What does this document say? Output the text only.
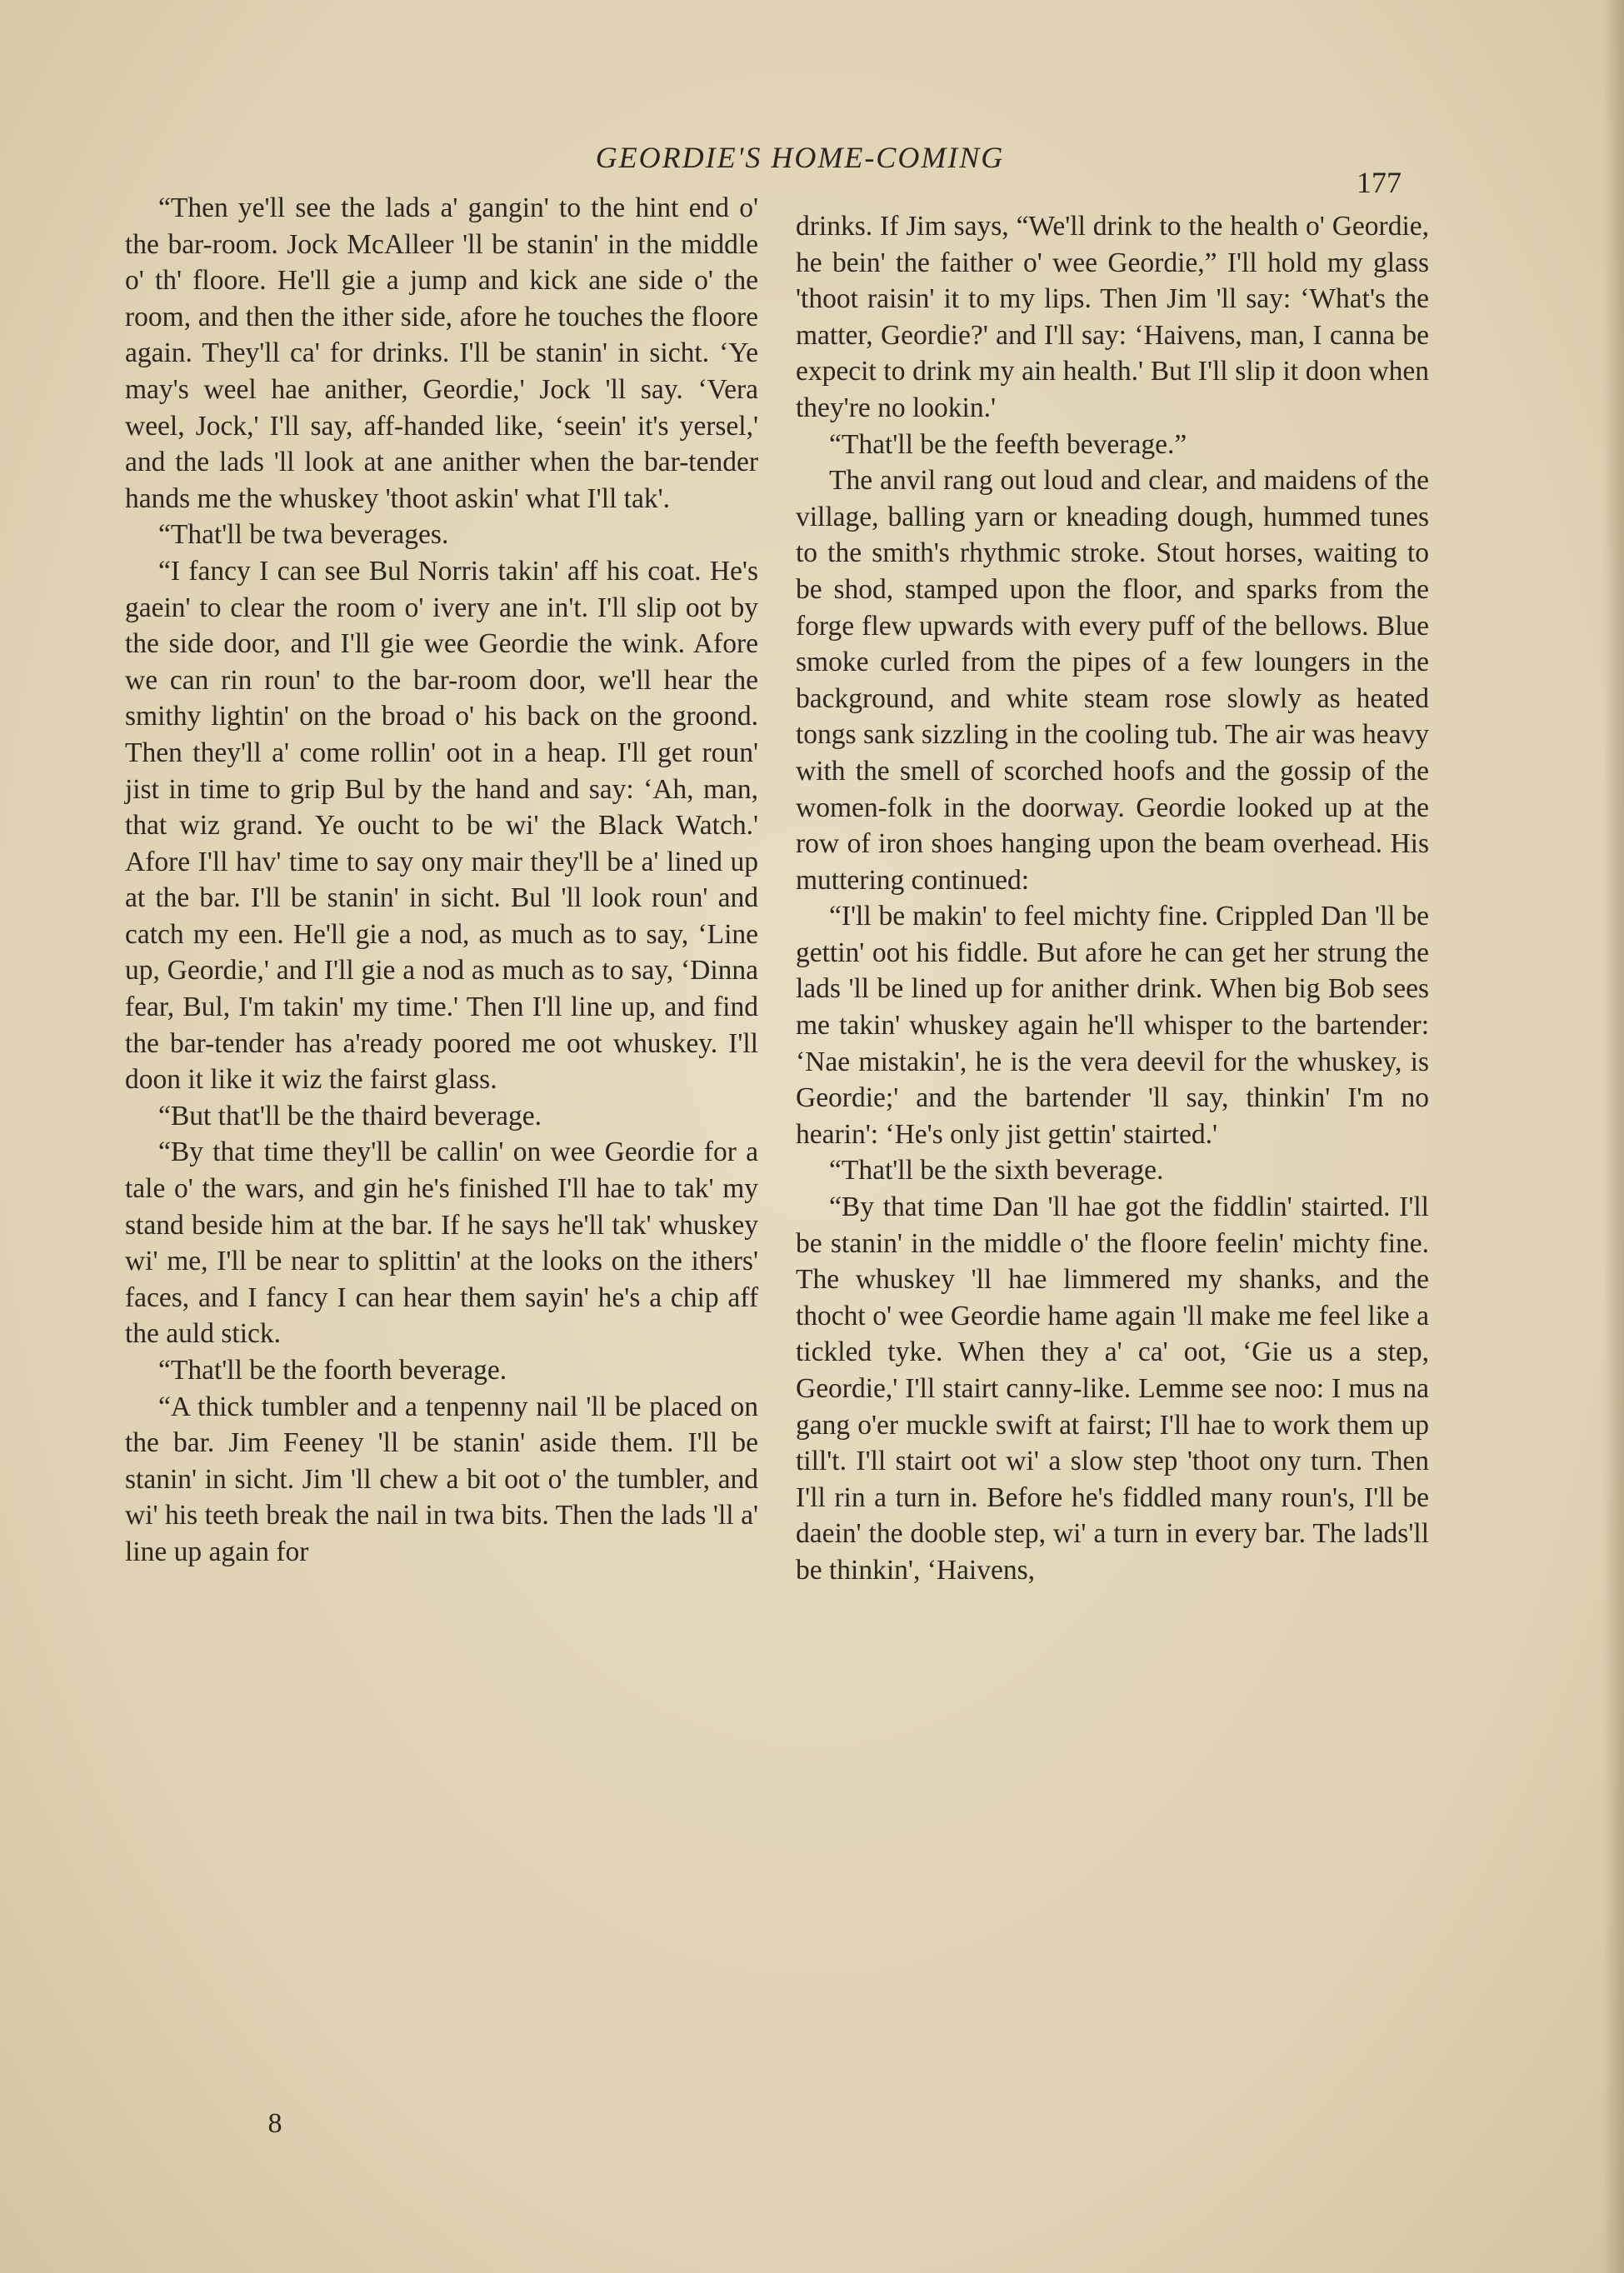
GEORDIE'S HOME-COMING
177

“Then ye'll see the lads a' gangin' to the hint end o' the bar-room. Jock McAlleer 'll be stanin' in the middle o' th' floore. He'll gie a jump and kick ane side o' the room, and then the ither side, afore he touches the floore again. They'll ca' for drinks. I'll be stanin' in sicht. ‘Ye may's weel hae anither, Geordie,' Jock 'll say. ‘Vera weel, Jock,' I'll say, aff-handed like, ‘seein' it's yersel,' and the lads 'll look at ane anither when the bar-tender hands me the whuskey 'thoot askin' what I'll tak'.

“That'll be twa beverages.

“I fancy I can see Bul Norris takin' aff his coat. He's gaein' to clear the room o' ivery ane in't. I'll slip oot by the side door, and I'll gie wee Geordie the wink. Afore we can rin roun' to the bar-room door, we'll hear the smithy lightin' on the broad o' his back on the groond. Then they'll a' come rollin' oot in a heap. I'll get roun' jist in time to grip Bul by the hand and say: ‘Ah, man, that wiz grand. Ye oucht to be wi' the Black Watch.' Afore I'll hav' time to say ony mair they'll be a' lined up at the bar. I'll be stanin' in sicht. Bul 'll look roun' and catch my een. He'll gie a nod, as much as to say, ‘Line up, Geordie,' and I'll gie a nod as much as to say, ‘Dinna fear, Bul, I'm takin' my time.' Then I'll line up, and find the bar-tender has a'ready poored me oot whuskey. I'll doon it like it wiz the fairst glass.

“But that'll be the thaird beverage.

“By that time they'll be callin' on wee Geordie for a tale o' the wars, and gin he's finished I'll hae to tak' my stand beside him at the bar. If he says he'll tak' whuskey wi' me, I'll be near to splittin' at the looks on the ithers' faces, and I fancy I can hear them sayin' he's a chip aff the auld stick.

“That'll be the foorth beverage.

“A thick tumbler and a tenpenny nail 'll be placed on the bar. Jim Feeney 'll be stanin' aside them. I'll be stanin' in sicht. Jim 'll chew a bit oot o' the tumbler, and wi' his teeth break the nail in twa bits. Then the lads 'll a' line up again for

drinks. If Jim says, “We'll drink to the health o' Geordie, he bein' the faither o' wee Geordie,” I'll hold my glass 'thoot raisin' it to my lips. Then Jim 'll say: ‘What's the matter, Geordie?' and I'll say: ‘Haivens, man, I canna be expecit to drink my ain health.' But I'll slip it doon when they're no lookin.'

“That'll be the feefth beverage.”

The anvil rang out loud and clear, and maidens of the village, balling yarn or kneading dough, hummed tunes to the smith's rhythmic stroke. Stout horses, waiting to be shod, stamped upon the floor, and sparks from the forge flew upwards with every puff of the bellows. Blue smoke curled from the pipes of a few loungers in the background, and white steam rose slowly as heated tongs sank sizzling in the cooling tub. The air was heavy with the smell of scorched hoofs and the gossip of the women-folk in the doorway. Geordie looked up at the row of iron shoes hanging upon the beam overhead. His muttering continued:

“I'll be makin' to feel michty fine. Crippled Dan 'll be gettin' oot his fiddle. But afore he can get her strung the lads 'll be lined up for anither drink. When big Bob sees me takin' whuskey again he'll whisper to the bartender: ‘Nae mistakin', he is the vera deevil for the whuskey, is Geordie;' and the bartender 'll say, thinkin' I'm no hearin': ‘He's only jist gettin' stairted.'

“That'll be the sixth beverage.

“By that time Dan 'll hae got the fiddlin' stairted. I'll be stanin' in the middle o' the floore feelin' michty fine. The whuskey 'll hae limmered my shanks, and the thocht o' wee Geordie hame again 'll make me feel like a tickled tyke. When they a' ca' oot, ‘Gie us a step, Geordie,' I'll stairt canny-like. Lemme see noo: I mus na gang o'er muckle swift at fairst; I'll hae to work them up till't. I'll stairt oot wi' a slow step 'thoot ony turn. Then I'll rin a turn in. Before he's fiddled many roun's, I'll be daein' the dooble step, wi' a turn in every bar. The lads'll be thinkin', ‘Haivens,

8
